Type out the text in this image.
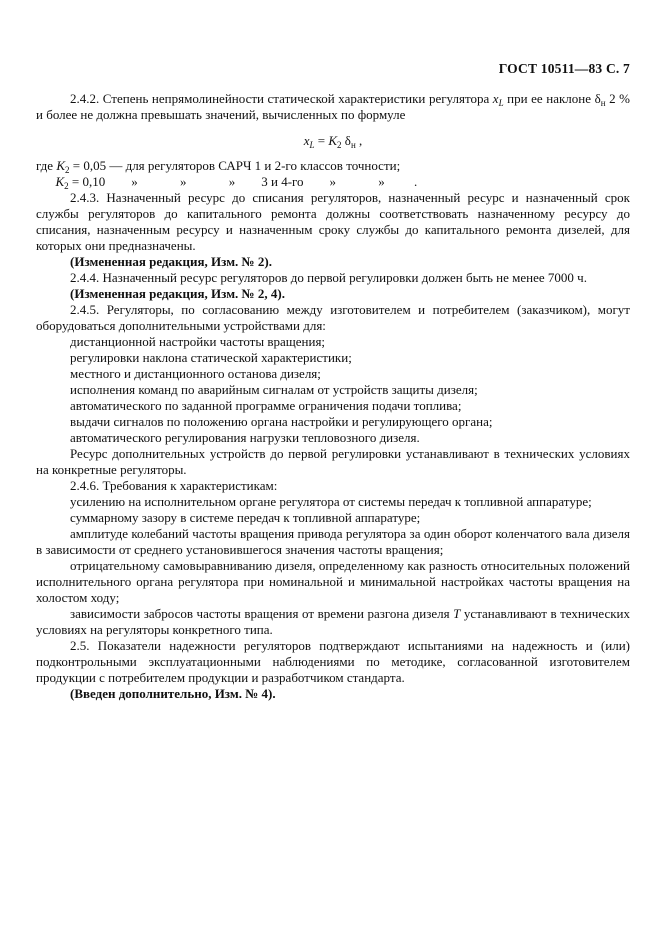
ГОСТ 10511—83 С. 7

2.4.2. Степень непрямолинейности статической характеристики регулятора $x_L$ при ее наклоне $\delta_н$ 2 % и более не должна превышать значений, вычисленных по формуле

$x_L = K_2$ $\delta_н$ ,

где $K_2 = 0,05$ — для регуляторов САРЧ 1 и 2-го классов точности;

$K_2 = 0,10$        »             »             »        3 и 4-го        »             »         .

2.4.3. Назначенный ресурс до списания регуляторов, назначенный ресурс и назначенный срок службы регуляторов до капитального ремонта должны соответствовать назначенному ресурсу до списания, назначенным ресурсу и назначенным сроку службы до капитального ремонта дизелей, для которых они предназначены.

(Измененная редакция, Изм. № 2).

2.4.4. Назначенный ресурс регуляторов до первой регулировки должен быть не менее 7000 ч.

(Измененная редакция, Изм. № 2, 4).

2.4.5. Регуляторы, по согласованию между изготовителем и потребителем (заказчиком), могут оборудоваться дополнительными устройствами для:

дистанционной настройки частоты вращения;

регулировки наклона статической характеристики;

местного и дистанционного останова дизеля;

исполнения команд по аварийным сигналам от устройств защиты дизеля;

автоматического по заданной программе ограничения подачи топлива;

выдачи сигналов по положению органа настройки и регулирующего органа;

автоматического регулирования нагрузки тепловозного дизеля.

Ресурс дополнительных устройств до первой регулировки устанавливают в технических условиях на конкретные регуляторы.

2.4.6. Требования к характеристикам:

усилению на исполнительном органе регулятора от системы передач к топливной аппаратуре;

суммарному зазору в системе передач к топливной аппаратуре;

амплитуде колебаний частоты вращения привода регулятора за один оборот коленчатого вала дизеля в зависимости от среднего установившегося значения частоты вращения;

отрицательному самовыравниванию дизеля, определенному как разность относительных положений исполнительного органа регулятора при номинальной и минимальной настройках частоты вращения на холостом ходу;

зависимости забросов частоты вращения от времени разгона дизеля Т устанавливают в технических условиях на регуляторы конкретного типа.

2.5. Показатели надежности регуляторов подтверждают испытаниями на надежность и (или) подконтрольными эксплуатационными наблюдениями по методике, согласованной изготовителем продукции с потребителем продукции и разработчиком стандарта.

(Введен дополнительно, Изм. № 4).
